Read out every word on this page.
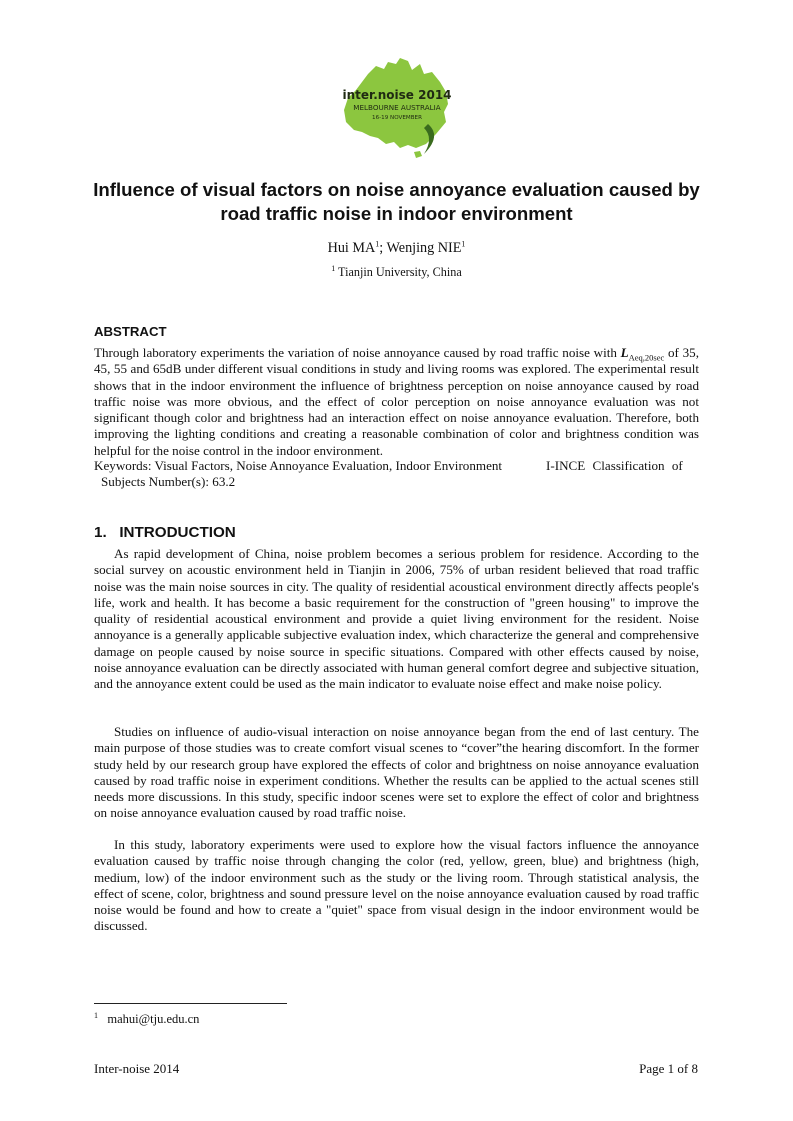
inter.noise 2014
MELBOURNE AUSTRALIA
16-19 NOVEMBER
Influence of visual factors on noise annoyance evaluation caused by
road traffic noise in indoor environment
Hui $MA^1$; Wenjing NIE$^1$
$^1$ Tianjin University, China
ABSTRACT
Through laboratory experiments the variation of noise annoyance caused by road traffic noise with $L_{Aeq,20sec}$ of 35, 45, 55 and 65dB under different visual conditions in study and living rooms was explored. The experimental result shows that in the indoor environment the influence of brightness perception on noise annoyance caused by road traffic noise was more obvious, and the effect of color perception on noise annoyance evaluation was not significant though color and brightness had an interaction effect on noise annoyance evaluation. Therefore, both improving the lighting conditions and creating a reasonable combination of color and brightness condition was helpful for the noise control in the indoor environment.
Keywords: Visual Factors, Noise Annoyance Evaluation, Indoor Environment	I-INCE Classification of
Subjects Number(s): 63.2
1.   INTRODUCTION
As rapid development of China, noise problem becomes a serious problem for residence. According to the social survey on acoustic environment held in Tianjin in 2006, 75% of urban resident believed that road traffic noise was the main noise sources in city. The quality of residential acoustical environment directly affects people's life, work and health. It has become a basic requirement for the construction of "green housing" to improve the quality of residential acoustical environment and provide a quiet living environment for the resident. Noise annoyance is a generally applicable subjective evaluation index, which characterize the general and comprehensive damage on people caused by noise source in specific situations. Compared with other effects caused by noise, noise annoyance evaluation can be directly associated with human general comfort degree and subjective situation, and the annoyance extent could be used as the main indicator to evaluate noise effect and make noise policy.
Studies on influence of audio-visual interaction on noise annoyance began from the end of last century. The main purpose of those studies was to create comfort visual scenes to “cover”the hearing discomfort. In the former study held by our research group have explored the effects of color and brightness on noise annoyance evaluation caused by road traffic noise in experiment conditions. Whether the results can be applied to the actual scenes still needs more discussions. In this study, specific indoor scenes were set to explore the effect of color and brightness on noise annoyance evaluation caused by road traffic noise.
In this study, laboratory experiments were used to explore how the visual factors influence the annoyance evaluation caused by traffic noise through changing the color (red, yellow, green, blue) and brightness (high, medium, low) of the indoor environment such as the study or the living room. Through statistical analysis, the effect of scene, color, brightness and sound pressure level on the noise annoyance evaluation caused by road traffic noise would be found and how to create a "quiet" space from visual design in the indoor environment would be discussed.
$^1$ mahui@tju.edu.cn
Inter-noise 2014	Page 1 of 8
